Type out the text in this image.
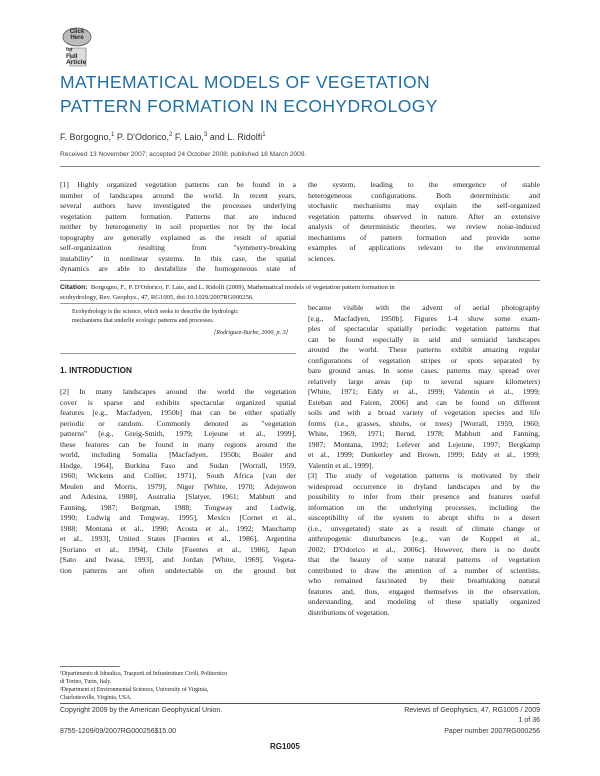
Click
Here
for
Full
Article
MATHEMATICAL MODELS OF VEGETATION
PATTERN FORMATION IN ECOHYDROLOGY
F. Borgogno,$^1$ P. D'Odorico,$^2$ F. Laio,$^3$ and L. Ridolfi$^1$
Received 13 November 2007; accepted 24 October 2008; published 18 March 2009.
[1] Highly organized vegetation patterns can be found in a
number of landscapes around the world. In recent years,
several authors have investigated the processes underlying
vegetation pattern formation. Patterns that are induced
neither by heterogeneity in soil properties nor by the local
topography are generally explained as the result of spatial
self-organization resulting from "symmetry-breaking
instability" in nonlinear systems. In this case, the spatial
dynamics are able to destabilize the homogeneous state of
the system, leading to the emergence of stable
heterogeneous configurations. Both deterministic and
stochastic mechanisms may explain the self-organized
vegetation patterns observed in nature. After an extensive
analysis of deterministic theories, we review noise-induced
mechanisms of pattern formation and provide some
examples of applications relevant to the environmental
sciences.
Citation: Borgogno, F., P. D'Odorico, F. Laio, and L. Ridolfi (2009), Mathematical models of vegetation pattern formation in
ecohydrology, Rev. Geophys., 47, RG1005, doi:10.1029/2007RG000256.
Ecohydrology is the science, which seeks to describe the hydrologic
mechanisms that underlie ecologic patterns and processes.
[Rodriguez-Iturbe, 2000, p. 3]
1. INTRODUCTION
[2] In many landscapes around the world the vegetation
cover is sparse and exhibits spectacular organized spatial
features [e.g., Macfadyen, 1950b] that can be either spatially
periodic or random. Commonly denoted as "vegetation
patterns" [e.g., Greig-Smith, 1979; Lejeune et al., 1999],
these features can be found in many regions around the
world, including Somalia [Macfadyen, 1950b; Boaler and
Hodge, 1964], Burkina Faso and Sudan [Worrall, 1959,
1960; Wickens and Collier, 1971], South Africa [van der
Meulen and Morris, 1979], Niger [White, 1970; Adejuwon
and Adesina, 1988], Australia [Slatyer, 1961; Mabbutt and
Fanning, 1987; Bergman, 1988; Tongway and Ludwig,
1990; Ludwig and Tongway, 1995], Mexico [Cornet et al.,
1988; Montana et al., 1990; Acosta et al., 1992; Mauchamp
et al., 1993], United States [Fuentes et al., 1986], Argentina
[Soriano et al., 1994], Chile [Fuentes et al., 1986], Japan
[Sato and Iwasa, 1993], and Jordan [White, 1969]. Vegeta-
tion patterns are often undetectable on the ground but
¹Dipartimento di Idraulica, Trasporti ed Infrastrutture Civili, Politecnico
di Torino, Turin, Italy.
²Department of Environmental Sciences, University of Virginia,
Charlottesville, Virginia, USA.
became visible with the advent of aerial photography
[e.g., Macfadyen, 1950b]. Figures 1-4 show some exam-
ples of spectacular spatially periodic vegetation patterns that
can be found especially in arid and semiarid landscapes
around the world. These patterns exhibit amazing regular
configurations of vegetation stripes or spots separated by
bare ground areas. In some cases, patterns may spread over
relatively large areas (up to several square kilometers)
[White, 1971; Eddy et al., 1999; Valentin et al., 1999;
Esteban and Fairen, 2006] and can be found on different
soils and with a broad variety of vegetation species and life
forms (i.e., grasses, shrubs, or trees) [Worrall, 1959, 1960;
White, 1969, 1971; Bernd, 1978; Mabbutt and Fanning,
1987; Montana, 1992; Lefever and Lejeune, 1997; Bergkamp
et al., 1999; Dunkerley and Brown, 1999; Eddy et al., 1999;
Valentin et al., 1999].
[3] The study of vegetation patterns is motivated by their
widespread occurrence in dryland landscapes and by the
possibility to infer from their presence and features useful
information on the underlying processes, including the
susceptibility of the system to abrupt shifts to a desert
(i.e., unvegetated) state as a result of climate change or
anthropogenic disturbances [e.g., van de Koppel et al.,
2002; D'Odorico et al., 2006c]. However, there is no doubt
that the beauty of some natural patterns of vegetation
contributed to draw the attention of a number of scientists,
who remained fascinated by their breathtaking natural
features and, thus, engaged themselves in the observation,
understanding, and modeling of these spatially organized
distributions of vegetation.
Copyright 2009 by the American Geophysical Union.	Reviews of Geophysics, 47, RG1005 / 2009
1 of 36
8755-1209/09/2007RG000256$15.00	Paper number 2007RG000256
RG1005
